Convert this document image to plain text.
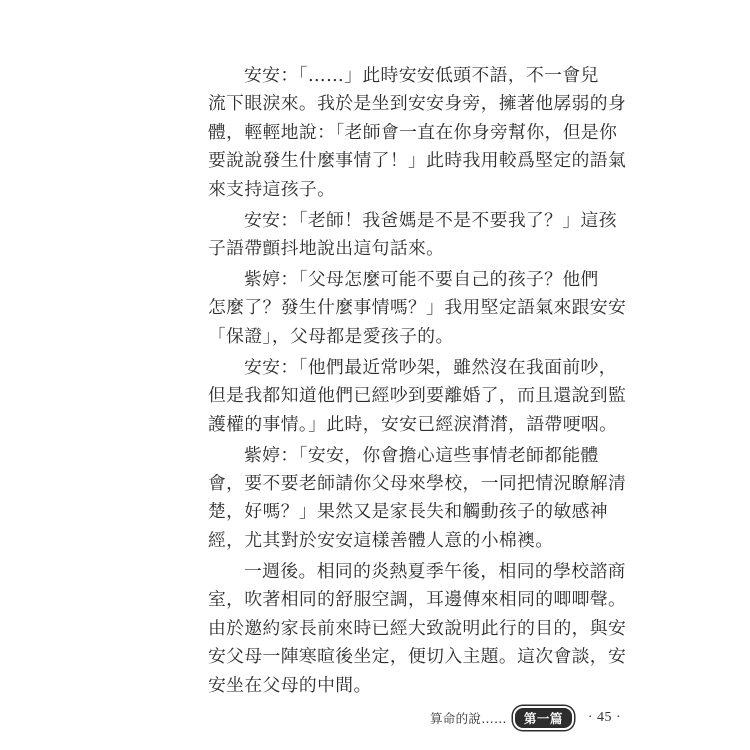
安安：「……」此時安安低頭不語，不一會兒
流下眼淚來。我於是坐到安安身旁，擁著他孱弱的身
體，輕輕地說：「老師會一直在你身旁幫你，但是你
要說說發生什麼事情了！」此時我用較爲堅定的語氣
來支持這孩子。

安安：「老師！我爸媽是不是不要我了？」這孩
子語帶顫抖地說出這句話來。

紫婷：「父母怎麼可能不要自己的孩子？他們
怎麼了？發生什麼事情嗎？」我用堅定語氣來跟安安
「保證」，父母都是愛孩子的。

安安：「他們最近常吵架，雖然沒在我面前吵，
但是我都知道他們已經吵到要離婚了，而且還說到監
護權的事情。」此時，安安已經淚潸潸，語帶哽咽。

紫婷：「安安，你會擔心這些事情老師都能體
會，要不要老師請你父母來學校，一同把情況瞭解清
楚，好嗎？」果然又是家長失和觸動孩子的敏感神
經，尤其對於安安這樣善體人意的小棉襖。

一週後。相同的炎熱夏季午後，相同的學校諮商
室，吹著相同的舒服空調，耳邊傳來相同的唧唧聲。
由於邀約家長前來時已經大致說明此行的目的，與安
安父母一陣寒暄後坐定，便切入主題。這次會談，安
安坐在父母的中間。

算命的說……	第一篇	· 45 ·
